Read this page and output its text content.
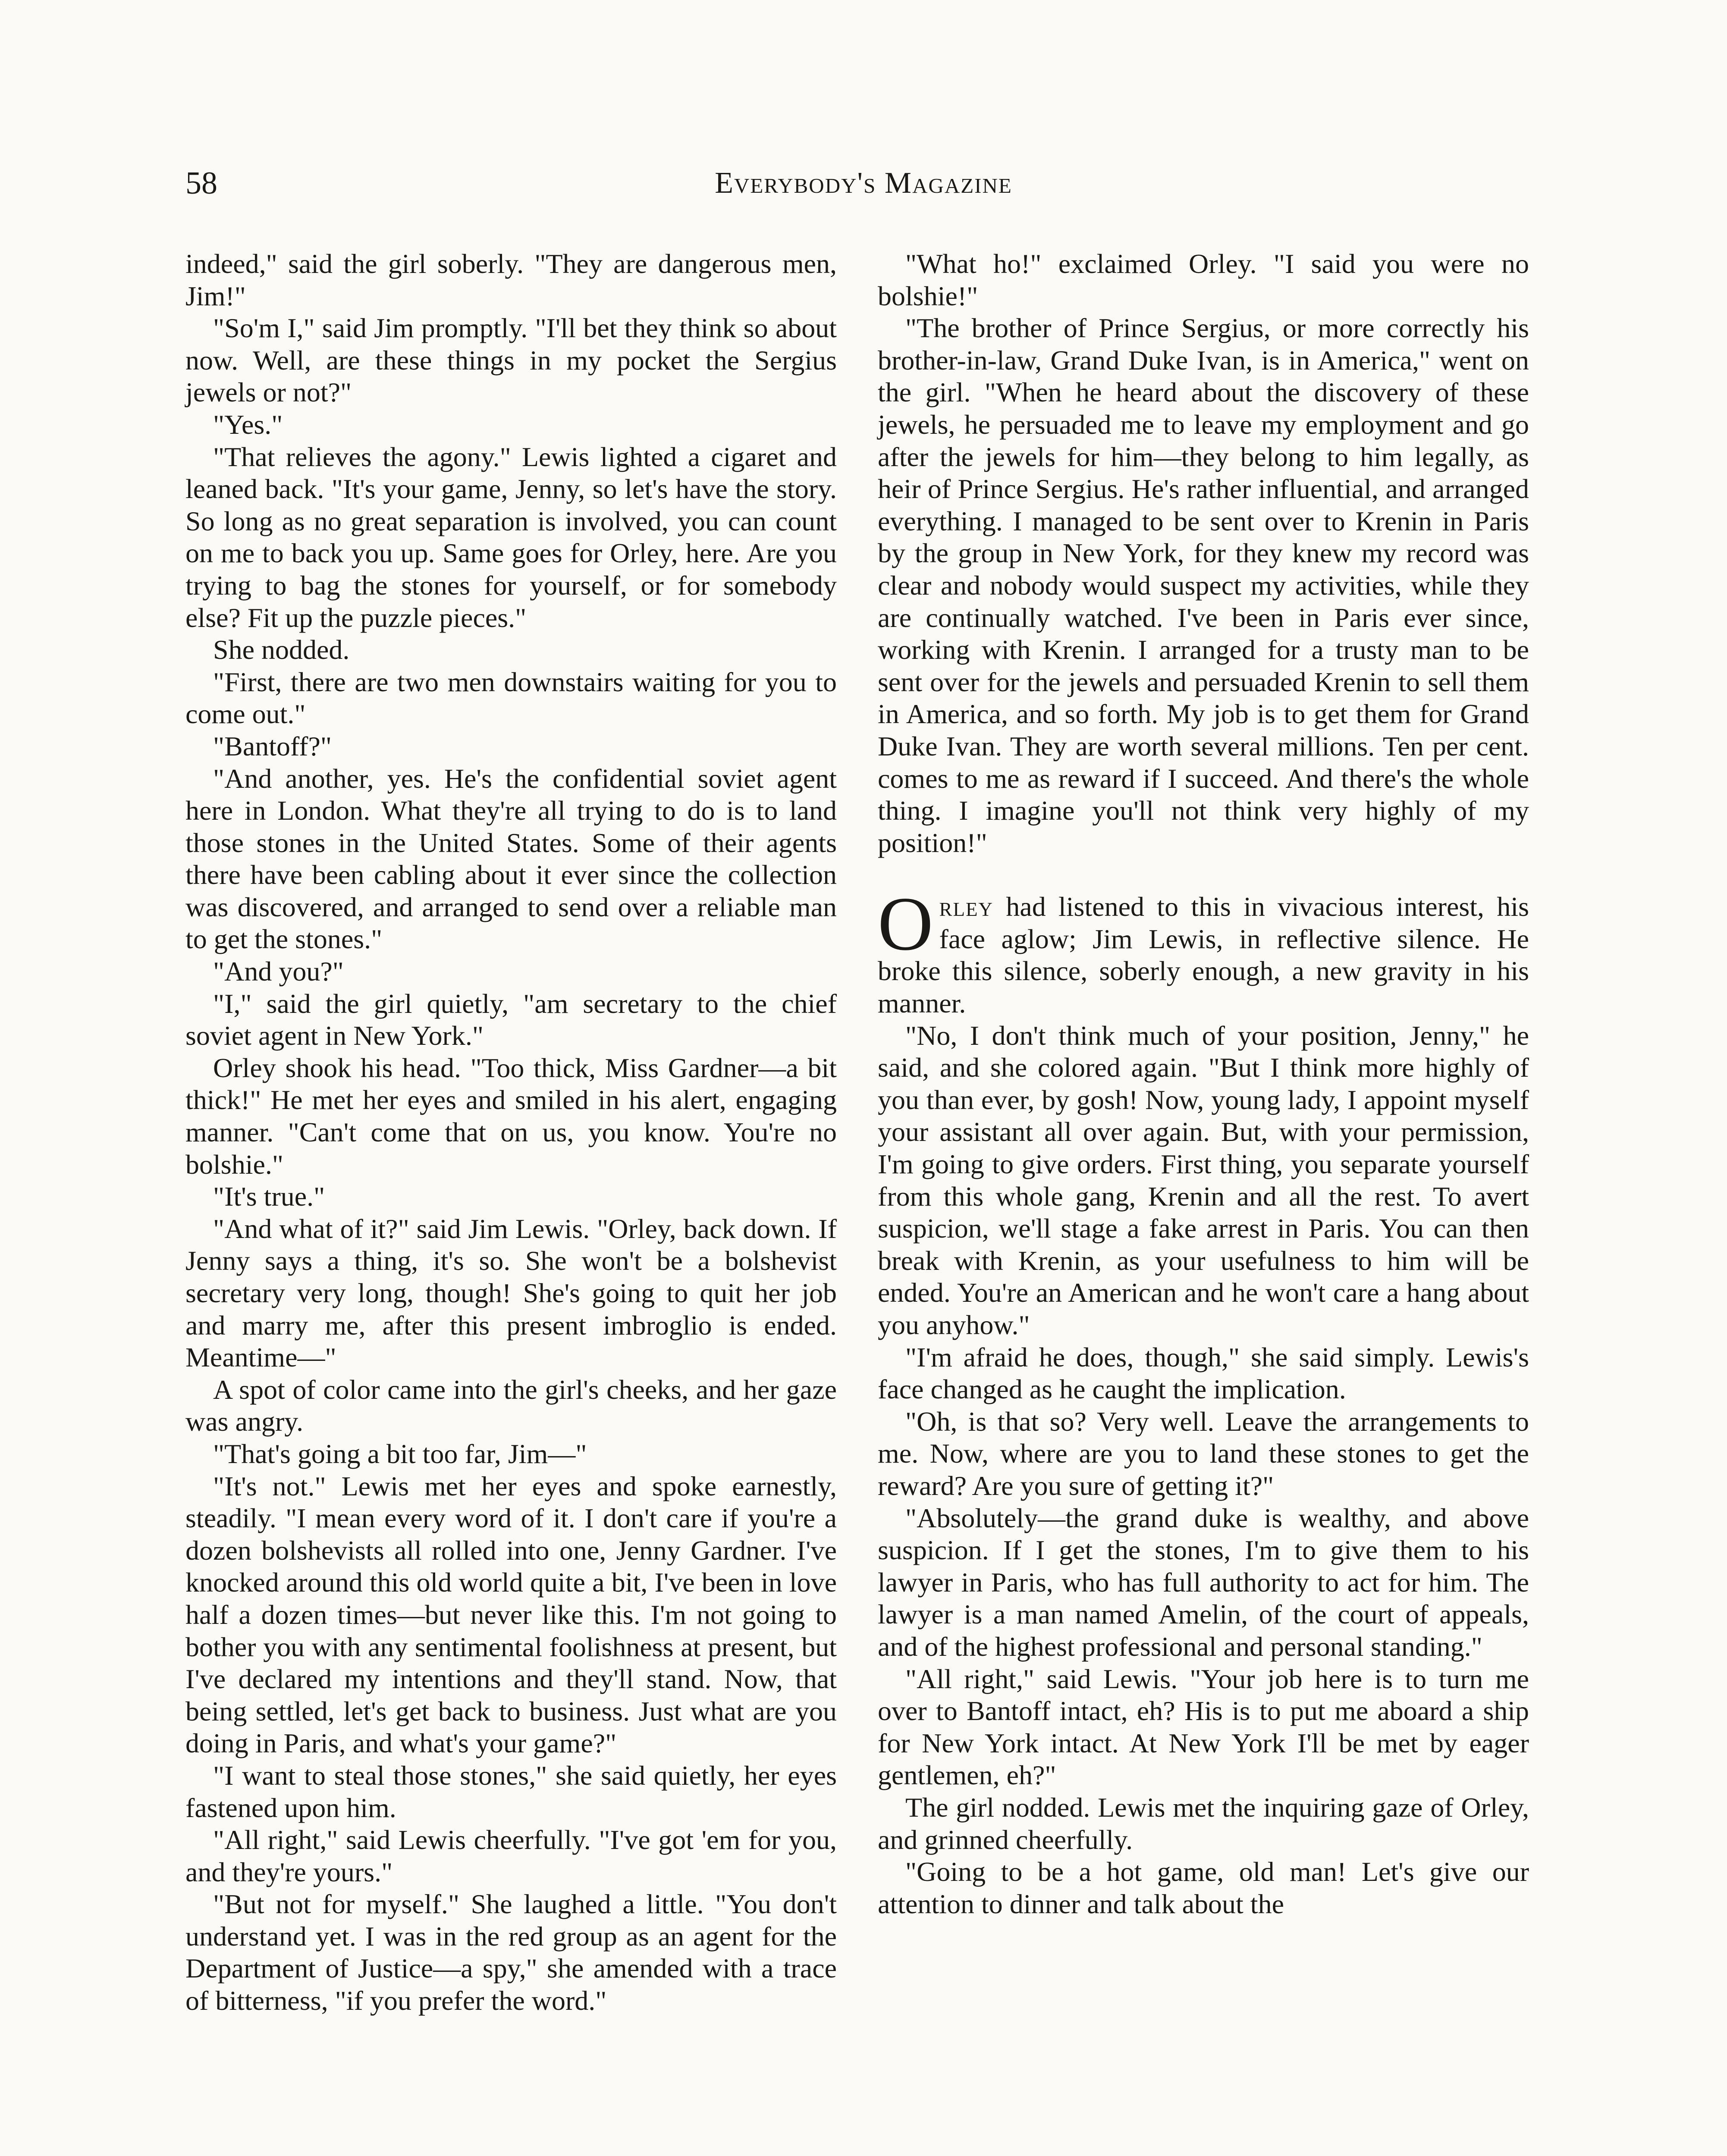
58	Everybody's Magazine

indeed," said the girl soberly. "They are dangerous men, Jim!"

"So'm I," said Jim promptly. "I'll bet they think so about now. Well, are these things in my pocket the Sergius jewels or not?"

"Yes."

"That relieves the agony." Lewis lighted a cigaret and leaned back. "It's your game, Jenny, so let's have the story. So long as no great separation is involved, you can count on me to back you up. Same goes for Orley, here. Are you trying to bag the stones for yourself, or for somebody else? Fit up the puzzle pieces."

She nodded.

"First, there are two men downstairs waiting for you to come out."

"Bantoff?"

"And another, yes. He's the confidential soviet agent here in London. What they're all trying to do is to land those stones in the United States. Some of their agents there have been cabling about it ever since the collection was discovered, and arranged to send over a reliable man to get the stones."

"And you?"

"I," said the girl quietly, "am secretary to the chief soviet agent in New York."

Orley shook his head. "Too thick, Miss Gardner—a bit thick!" He met her eyes and smiled in his alert, engaging manner. "Can't come that on us, you know. You're no bolshie."

"It's true."

"And what of it?" said Jim Lewis. "Orley, back down. If Jenny says a thing, it's so. She won't be a bolshevist secretary very long, though! She's going to quit her job and marry me, after this present imbroglio is ended. Meantime—"

A spot of color came into the girl's cheeks, and her gaze was angry.

"That's going a bit too far, Jim—"

"It's not." Lewis met her eyes and spoke earnestly, steadily. "I mean every word of it. I don't care if you're a dozen bolshevists all rolled into one, Jenny Gardner. I've knocked around this old world quite a bit, I've been in love half a dozen times—but never like this. I'm not going to bother you with any sentimental foolishness at present, but I've declared my intentions and they'll stand. Now, that being settled, let's get back to business. Just what are you doing in Paris, and what's your game?"

"I want to steal those stones," she said quietly, her eyes fastened upon him.

"All right," said Lewis cheerfully. "I've got 'em for you, and they're yours."

"But not for myself." She laughed a little. "You don't understand yet. I was in the red group as an agent for the Department of Justice—a spy," she amended with a trace of bitterness, "if you prefer the word."

"What ho!" exclaimed Orley. "I said you were no bolshie!"

"The brother of Prince Sergius, or more correctly his brother-in-law, Grand Duke Ivan, is in America," went on the girl. "When he heard about the discovery of these jewels, he persuaded me to leave my employment and go after the jewels for him—they belong to him legally, as heir of Prince Sergius. He's rather influential, and arranged everything. I managed to be sent over to Krenin in Paris by the group in New York, for they knew my record was clear and nobody would suspect my activities, while they are continually watched. I've been in Paris ever since, working with Krenin. I arranged for a trusty man to be sent over for the jewels and persuaded Krenin to sell them in America, and so forth. My job is to get them for Grand Duke Ivan. They are worth several millions. Ten per cent. comes to me as reward if I succeed. And there's the whole thing. I imagine you'll not think very highly of my position!"

Orley had listened to this in vivacious interest, his face aglow; Jim Lewis, in reflective silence. He broke this silence, soberly enough, a new gravity in his manner.

"No, I don't think much of your position, Jenny," he said, and she colored again. "But I think more highly of you than ever, by gosh! Now, young lady, I appoint myself your assistant all over again. But, with your permission, I'm going to give orders. First thing, you separate yourself from this whole gang, Krenin and all the rest. To avert suspicion, we'll stage a fake arrest in Paris. You can then break with Krenin, as your usefulness to him will be ended. You're an American and he won't care a hang about you anyhow."

"I'm afraid he does, though," she said simply. Lewis's face changed as he caught the implication.

"Oh, is that so? Very well. Leave the arrangements to me. Now, where are you to land these stones to get the reward? Are you sure of getting it?"

"Absolutely—the grand duke is wealthy, and above suspicion. If I get the stones, I'm to give them to his lawyer in Paris, who has full authority to act for him. The lawyer is a man named Amelin, of the court of appeals, and of the highest professional and personal standing."

"All right," said Lewis. "Your job here is to turn me over to Bantoff intact, eh? His is to put me aboard a ship for New York intact. At New York I'll be met by eager gentlemen, eh?"

The girl nodded. Lewis met the inquiring gaze of Orley, and grinned cheerfully.

"Going to be a hot game, old man! Let's give our attention to dinner and talk about the
